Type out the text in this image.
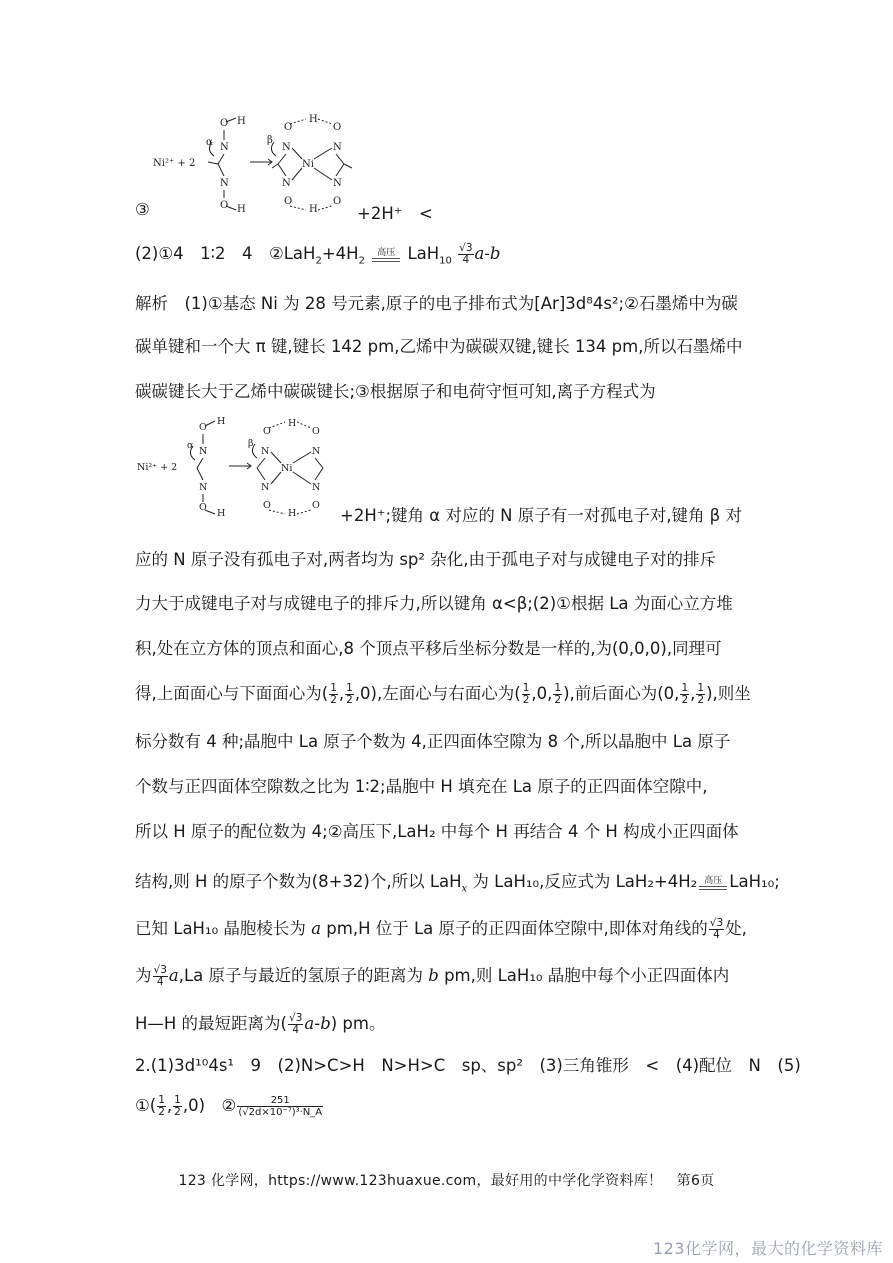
Ni²⁺ + 2
α
O H
N
N
O H
β
O
H
O
N	N
Ni
N	N
O
H
O
③	+2H⁺　<
(2)①4　1∶2　4　$②LaH_2+4H_2$
高压 $LaH_{10} \frac{√3}{4} a-b$
解析　(1)①基态 Ni 为 28 号元素,原子的电子排布式为[Ar]3d⁸4s²;②石墨烯中为碳
碳单键和一个大 π 键,键长 142 pm,乙烯中为碳碳双键,键长 134 pm,所以石墨烯中
碳碳键长大于乙烯中碳碳键长;③根据原子和电荷守恒可知,离子方程式为
Ni²⁺ + 2
α
O
H
N
N
O
H
β
O
H
O
N	N
Ni
N	N
O
H
O
+2H⁺;键角 α 对应的 N 原子有一对孤电子对,键角 β 对
应的 N 原子没有孤电子对,两者均为 sp² 杂化,由于孤电子对与成键电子对的排斥
力大于成键电子对与成键电子的排斥力,所以键角 α<β;(2)①根据 La 为面心立方堆
积,处在立方体的顶点和面心,8 个顶点平移后坐标分数是一样的,为(0,0,0),同理可
得,上面面心与下面面心为( $\frac{1}{2}$ , $\frac{1}{2} ,0$),左面心与右面心为( $\frac{1}{2} ,0$, $\frac{1}{2}$ ),前后面心为(0, $\frac{1}{2}$ , $\frac{1}{2}$ ),则坐
标分数有 4 种;晶胞中 La 原子个数为 4,正四面体空隙为 8 个,所以晶胞中 La 原子
个数与正四面体空隙数之比为 1∶2;晶胞中 H 填充在 La 原子的正四面体空隙中,
所以 H 原子的配位数为 4;②高压下,LaH₂ 中每个 H 再结合 4 个 H 构成小正四面体
结构,则 H 的原子个数为(8+32)个,所以 LaH$_x$ 为 LaH₁₀,反应式为 LaH₂+4H₂ 高压 LaH₁₀;
已知 LaH₁₀ 晶胞棱长为 a pm,H 位于 La 原子的正四面体空隙中,即体对角线的 $\frac{√3}{4}$ 处,
为 $\frac{√3}{4} a,La$ 原子与最近的氢原子的距离为 b pm,则 LaH₁₀ 晶胞中每个小正四面体内
H—H 的最短距离为( $\frac{√3}{4} a-b$) pm。
2.(1)3d¹⁰4s¹　9　(2)N>C>H　N>H>C　sp、sp²　(3)三角锥形　<　(4)配位　N　(5)
①( $\frac{1}{2}$ , $\frac{1}{2} ,0$)　② $\frac{251}{\text{(√2d×10⁻⁷)³·N\_A}}$
123 化学网，https://www.123huaxue.com，最好用的中学化学资料库！　第6页
123化学网，最大的化学资料库
